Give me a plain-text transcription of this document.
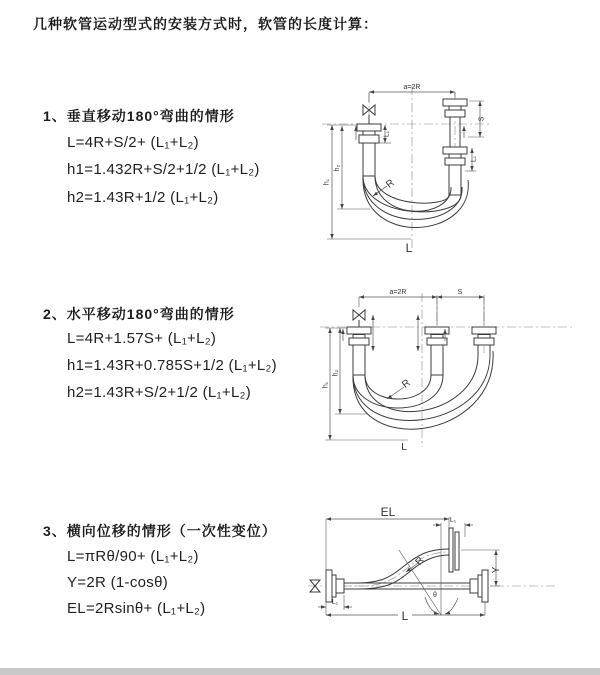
几种软管运动型式的安装方式时，软管的长度计算：
1、垂直移动180°弯曲的情形
L=4R+S/2+ (L₁+L₂)
h1=1.432R+S/2+1/2 (L₁+L₂)
h2=1.43R+1/2 (L₁+L₂)
2、水平移动180°弯曲的情形
L=4R+1.57S+ (L₁+L₂)
h1=1.43R+0.785S+1/2 (L₁+L₂)
h2=1.43R+S/2+1/2 (L₁+L₂)
3、横向位移的情形（一次性变位）
L=πRθ/90+ (L₁+L₂)
Y=2R (1-cosθ)
EL=2Rsinθ+ (L₁+L₂)
a=2R
S
L₁
L₁
h₁
h₂
R
L
a=2R	S
h₁
h₂
R
L
EL
L₁
Y
R
θ
L
L₁
